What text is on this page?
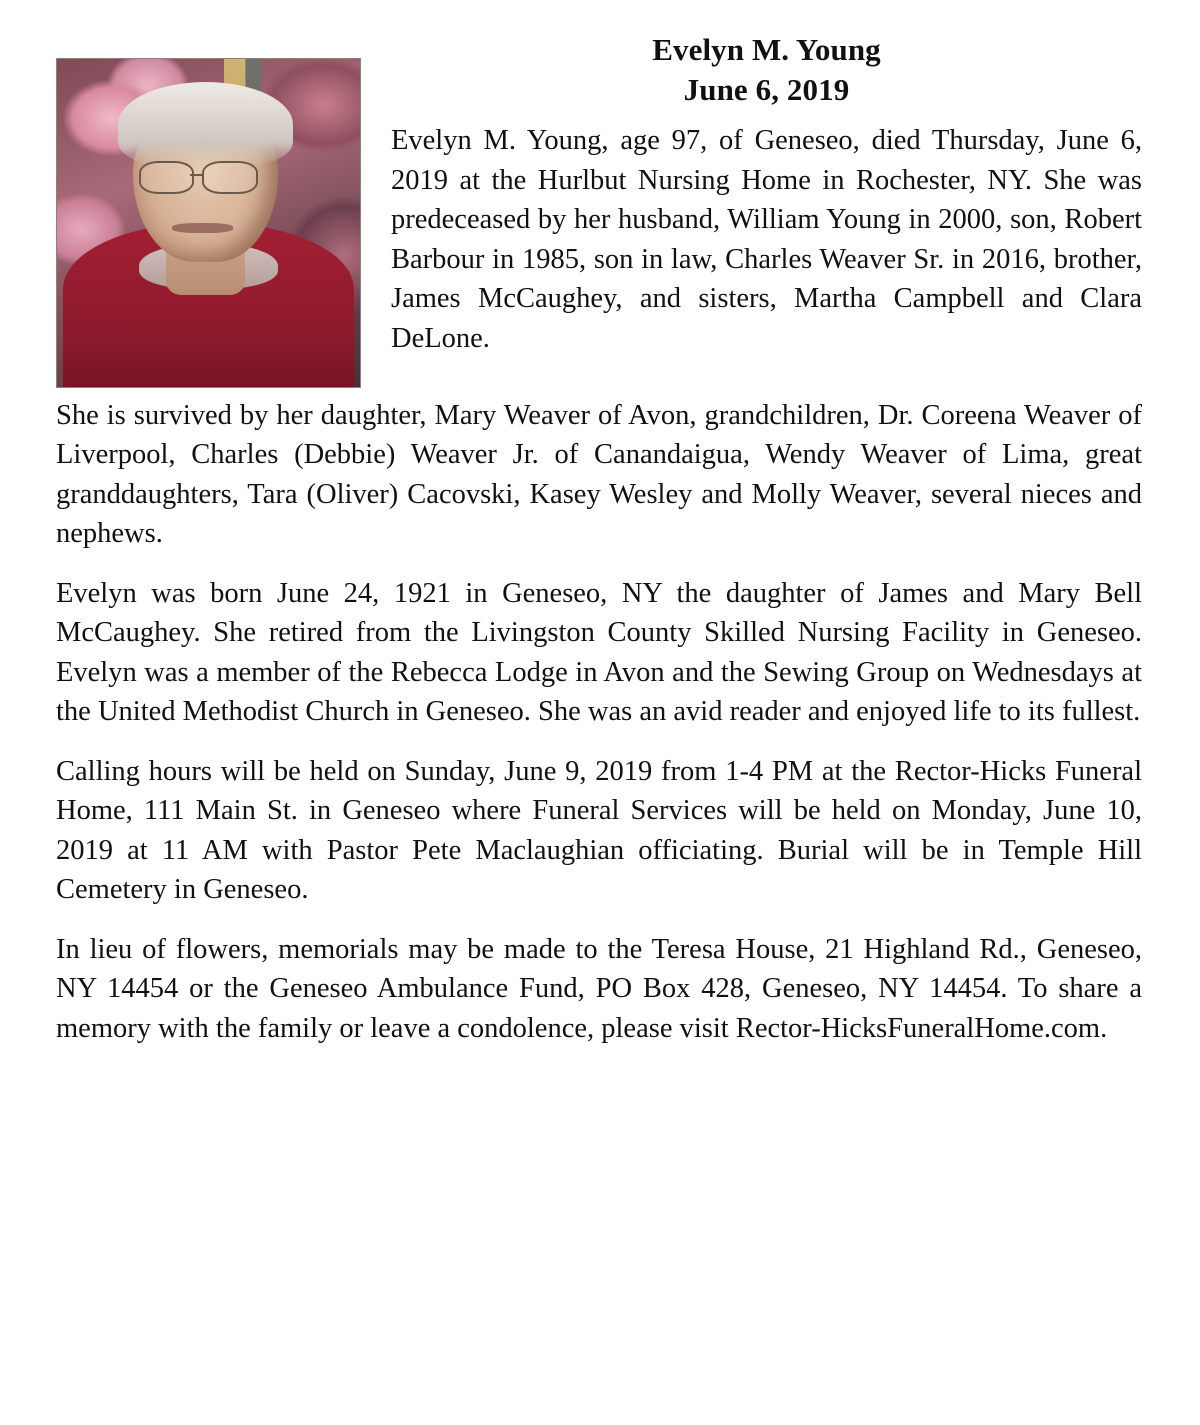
Evelyn M. Young
June 6, 2019

Evelyn M. Young, age 97, of Geneseo, died Thursday, June 6, 2019 at the Hurlbut Nursing Home in Rochester, NY. She was predeceased by her husband, William Young in 2000, son, Robert Barbour in 1985, son in law, Charles Weaver Sr. in 2016, brother, James McCaughey, and sisters, Martha Campbell and Clara DeLone.

She is survived by her daughter, Mary Weaver of Avon, grandchildren, Dr. Coreena Weaver of Liverpool, Charles (Debbie) Weaver Jr. of Canandaigua, Wendy Weaver of Lima, great granddaughters, Tara (Oliver) Cacovski, Kasey Wesley and Molly Weaver, several nieces and nephews.

Evelyn was born June 24, 1921 in Geneseo, NY the daughter of James and Mary Bell McCaughey. She retired from the Livingston County Skilled Nursing Facility in Geneseo. Evelyn was a member of the Rebecca Lodge in Avon and the Sewing Group on Wednesdays at the United Methodist Church in Geneseo. She was an avid reader and enjoyed life to its fullest.

Calling hours will be held on Sunday, June 9, 2019 from 1-4 PM at the Rector-Hicks Funeral Home, 111 Main St. in Geneseo where Funeral Services will be held on Monday, June 10, 2019 at 11 AM with Pastor Pete Maclaughian officiating. Burial will be in Temple Hill Cemetery in Geneseo.

In lieu of flowers, memorials may be made to the Teresa House, 21 Highland Rd., Geneseo, NY 14454 or the Geneseo Ambulance Fund, PO Box 428, Geneseo, NY 14454. To share a memory with the family or leave a condolence, please visit Rector-HicksFuneralHome.com.
